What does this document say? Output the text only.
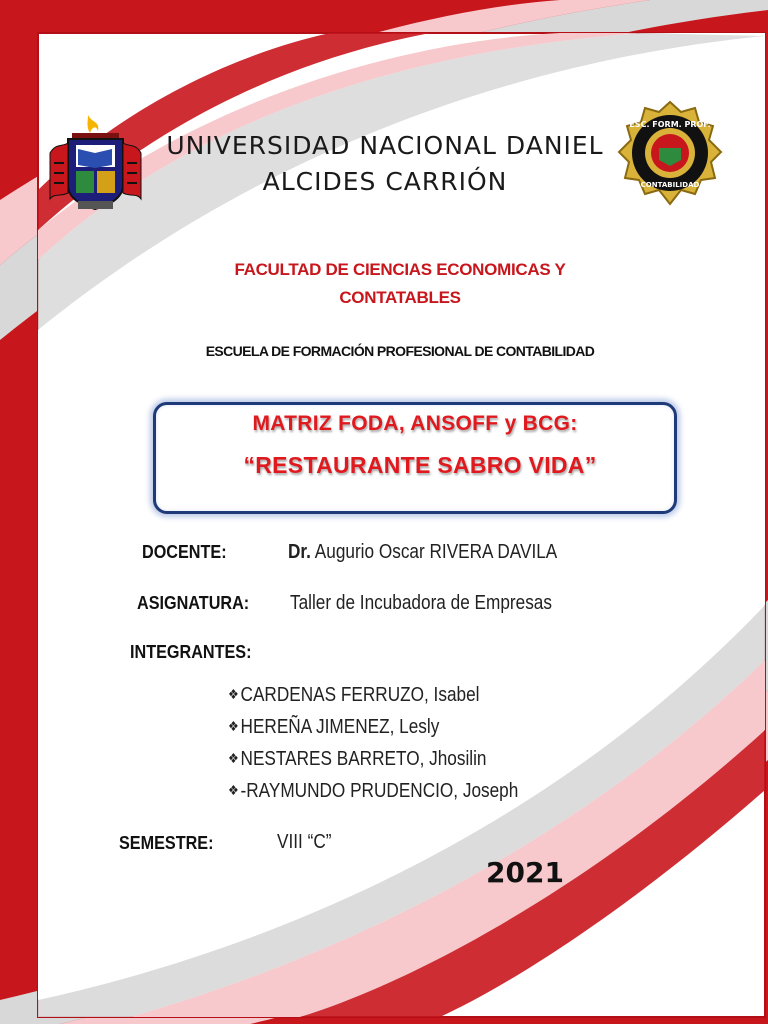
ESC. FORM. PROF.
CONTABILIDAD
UNIVERSIDAD NACIONAL DANIEL
ALCIDES CARRIÓN
FACULTAD DE CIENCIAS ECONOMICAS Y
CONTATABLES
ESCUELA DE FORMACIÓN PROFESIONAL DE CONTABILIDAD
MATRIZ FODA, ANSOFF y BCG:
“RESTAURANTE SABRO VIDA”
DOCENTE:	Dr. Augurio Oscar RIVERA DAVILA
ASIGNATURA: Taller de Incubadora de Empresas
INTEGRANTES:
❖CARDENAS FERRUZO, Isabel
❖HEREÑA JIMENEZ, Lesly
❖NESTARES BARRETO, Jhosilin
❖-RAYMUNDO PRUDENCIO, Joseph
SEMESTRE:	VIII “C”
2021
